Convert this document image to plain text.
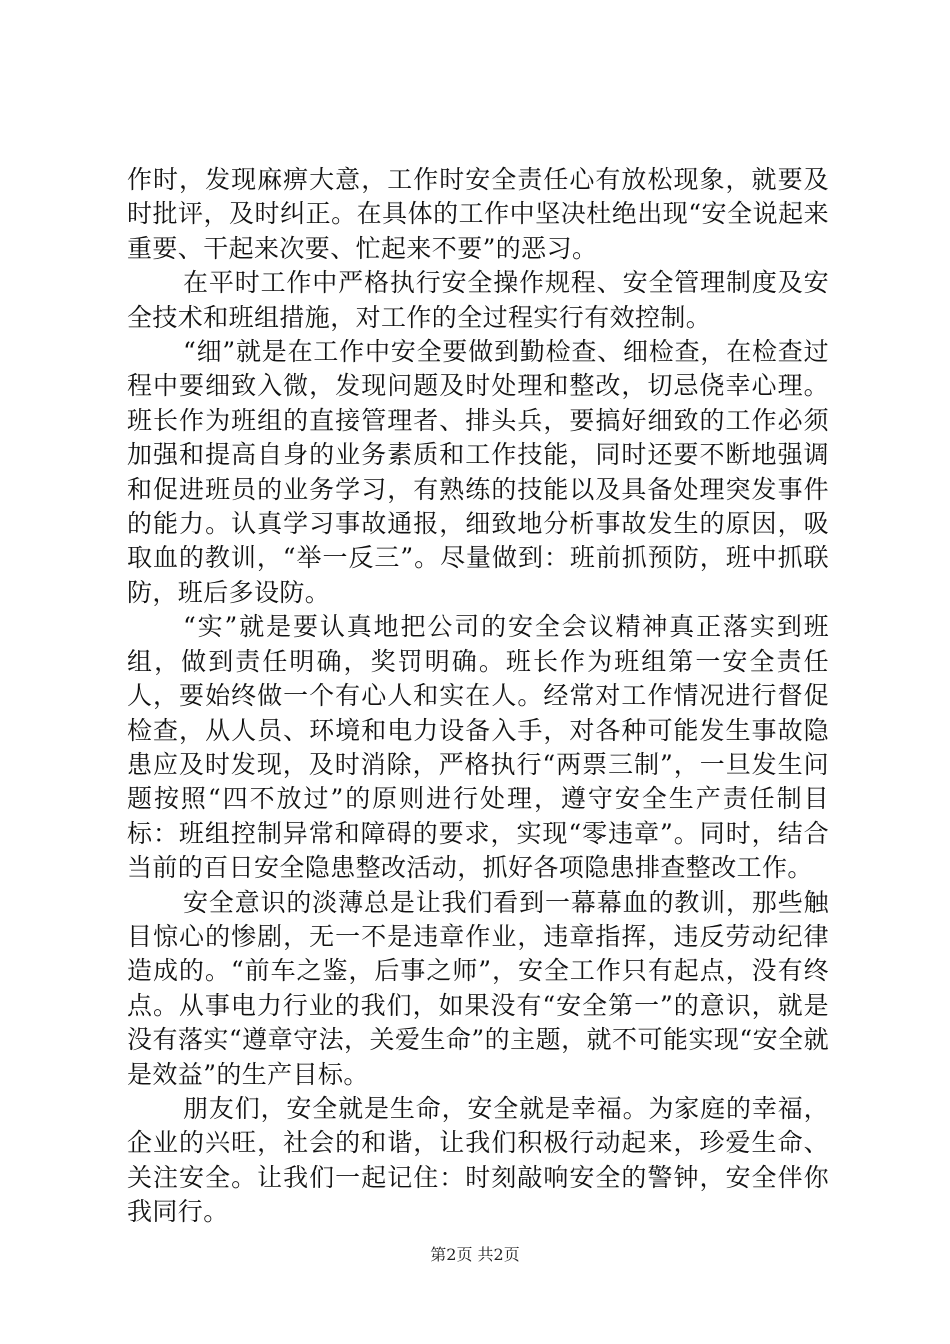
作时，发现麻痹大意，工作时安全责任心有放松现象，就要及时批评，及时纠正。在具体的工作中坚决杜绝出现“安全说起来重要、干起来次要、忙起来不要”的恶习。

在平时工作中严格执行安全操作规程、安全管理制度及安全技术和班组措施，对工作的全过程实行有效控制。

“细”就是在工作中安全要做到勤检查、细检查，在检查过程中要细致入微，发现问题及时处理和整改，切忌侥幸心理。班长作为班组的直接管理者、排头兵，要搞好细致的工作必须加强和提高自身的业务素质和工作技能，同时还要不断地强调和促进班员的业务学习，有熟练的技能以及具备处理突发事件的能力。认真学习事故通报，细致地分析事故发生的原因，吸取血的教训，“举一反三”。尽量做到：班前抓预防，班中抓联防，班后多设防。

“实”就是要认真地把公司的安全会议精神真正落实到班组，做到责任明确，奖罚明确。班长作为班组第一安全责任人，要始终做一个有心人和实在人。经常对工作情况进行督促检查，从人员、环境和电力设备入手，对各种可能发生事故隐患应及时发现，及时消除，严格执行“两票三制”，一旦发生问题按照“四不放过”的原则进行处理，遵守安全生产责任制目标：班组控制异常和障碍的要求，实现“零违章”。同时，结合当前的百日安全隐患整改活动，抓好各项隐患排查整改工作。

安全意识的淡薄总是让我们看到一幕幕血的教训，那些触目惊心的惨剧，无一不是违章作业，违章指挥，违反劳动纪律造成的。“前车之鉴，后事之师”，安全工作只有起点，没有终点。从事电力行业的我们，如果没有“安全第一”的意识，就是没有落实“遵章守法，关爱生命”的主题，就不可能实现“安全就是效益”的生产目标。

朋友们，安全就是生命，安全就是幸福。为家庭的幸福，企业的兴旺，社会的和谐，让我们积极行动起来，珍爱生命、关注安全。让我们一起记住：时刻敲响安全的警钟，安全伴你我同行。

第2页 共2页
